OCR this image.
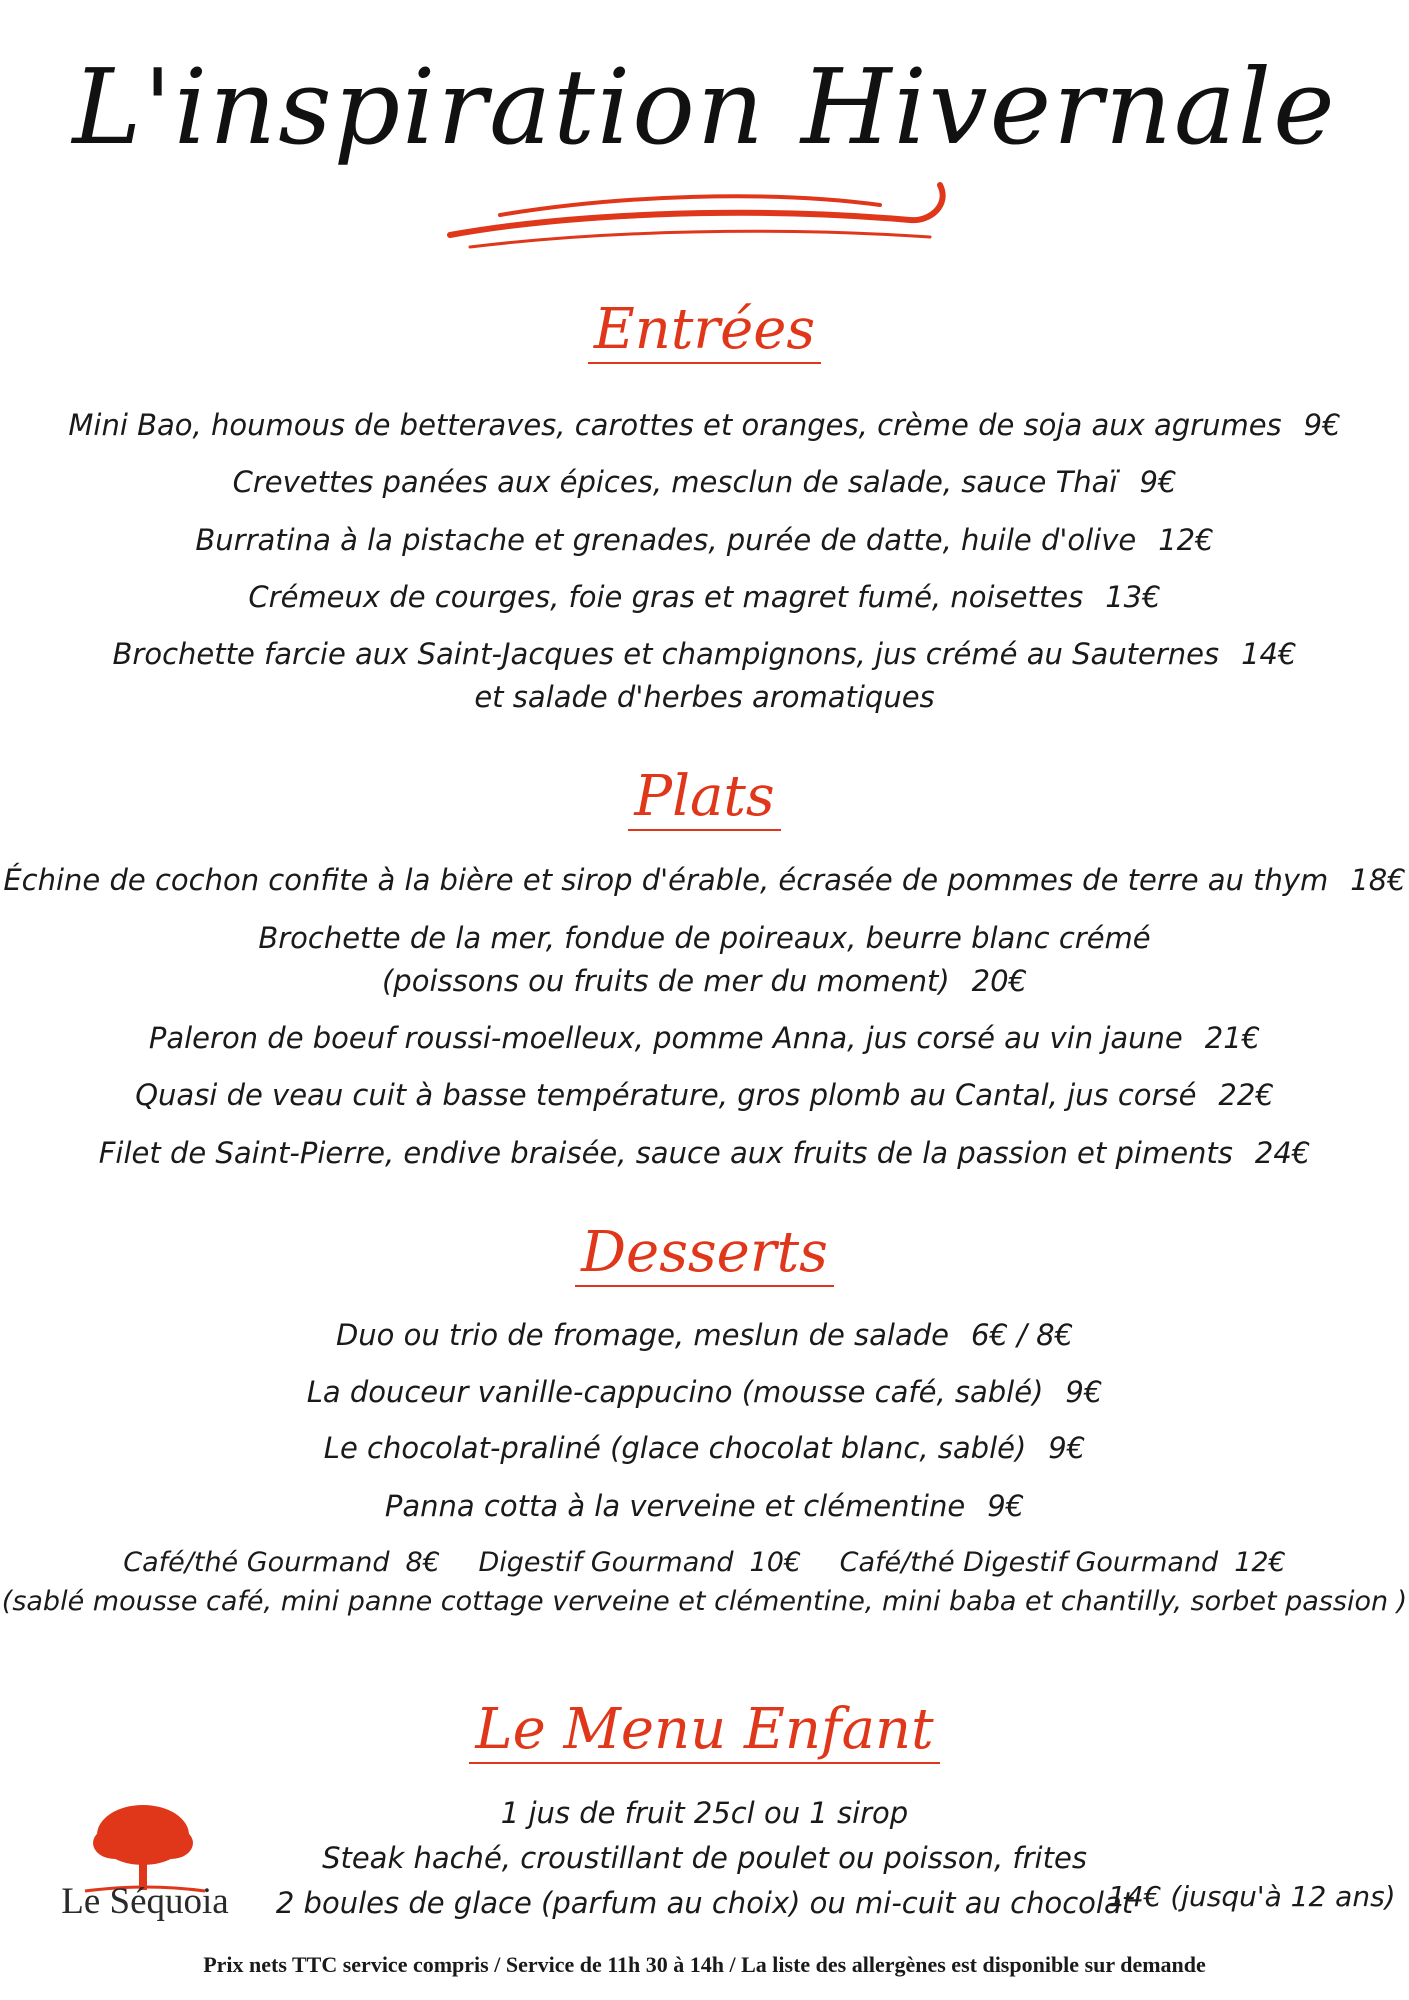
L'inspiration Hivernale
Entrées
Mini Bao, houmous de betteraves, carottes et oranges, crème de soja aux agrumes 9€
Crevettes panées aux épices, mesclun de salade, sauce Thaï 9€
Burratina à la pistache et grenades, purée de datte, huile d'olive 12€
Crémeux de courges, foie gras et magret fumé, noisettes 13€
Brochette farcie aux Saint-Jacques et champignons, jus crémé au Sauternes 14€
et salade d'herbes aromatiques
Plats
Échine de cochon confite à la bière et sirop d'érable, écrasée de pommes de terre au thym 18€
Brochette de la mer, fondue de poireaux, beurre blanc crémé
(poissons ou fruits de mer du moment) 20€
Paleron de boeuf roussi-moelleux, pomme Anna, jus corsé au vin jaune 21€
Quasi de veau cuit à basse température, gros plomb au Cantal, jus corsé 22€
Filet de Saint-Pierre, endive braisée, sauce aux fruits de la passion et piments 24€
Desserts
Duo ou trio de fromage, meslun de salade 6€ / 8€
La douceur vanille-cappucino (mousse café, sablé) 9€
Le chocolat-praliné (glace chocolat blanc, sablé) 9€
Panna cotta à la verveine et clémentine 9€
Café/thé Gourmand 8€ Digestif Gourmand 10€ Café/thé Digestif Gourmand 12€
(sablé mousse café, mini panne cottage verveine et clémentine, mini baba et chantilly, sorbet passion )
Le Menu Enfant
1 jus de fruit 25cl ou 1 sirop
Steak haché, croustillant de poulet ou poisson, frites
2 boules de glace (parfum au choix) ou mi-cuit au chocolat
14€ (jusqu'à 12 ans)
Le Séquoia
Prix nets TTC service compris / Service de 11h 30 à 14h / La liste des allergènes est disponible sur demande
